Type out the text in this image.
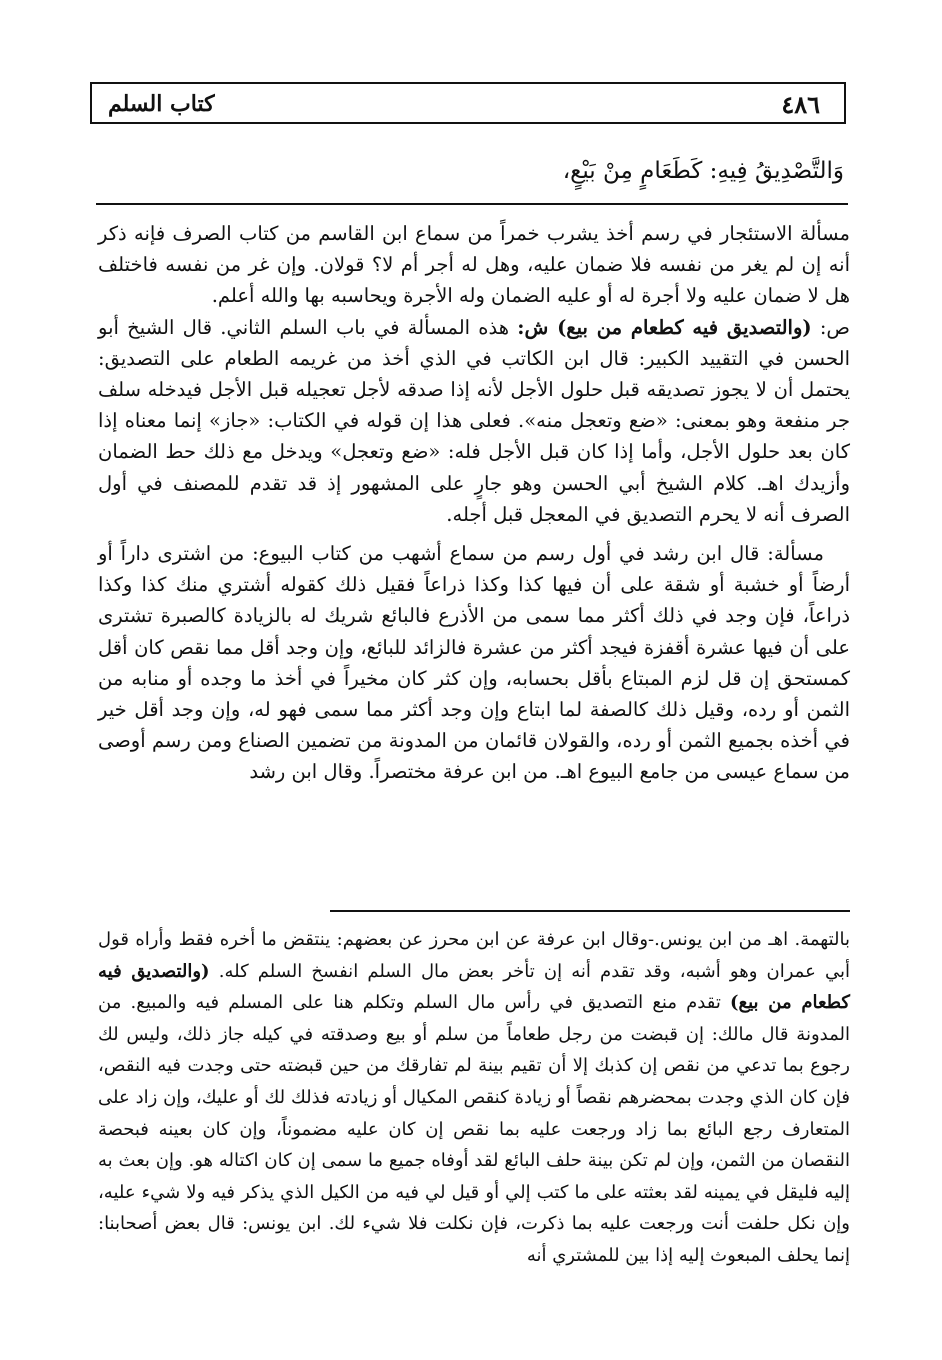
٤٨٦
كتاب السلم
وَالتَّصْدِيقُ فِيهِ: كَطَعَامٍ مِنْ بَيْعٍ،

مسألة الاستئجار في رسم أخذ يشرب خمراً من سماع ابن القاسم من كتاب الصرف فإنه ذكر أنه إن لم يغر من نفسه فلا ضمان عليه، وهل له أجر أم لا؟ قولان. وإن غر من نفسه فاختلف هل لا ضمان عليه ولا أجرة له أو عليه الضمان وله الأجرة ويحاسبه بها والله أعلم.

ص: (والتصديق فيه كطعام من بيع) ش: هذه المسألة في باب السلم الثاني. قال الشيخ أبو الحسن في التقييد الكبير: قال ابن الكاتب في الذي أخذ من غريمه الطعام على التصديق: يحتمل أن لا يجوز تصديقه قبل حلول الأجل لأنه إذا صدقه لأجل تعجيله قبل الأجل فيدخله سلف جر منفعة وهو بمعنى: «ضع وتعجل منه». فعلى هذا إن قوله في الكتاب: «جاز» إنما معناه إذا كان بعد حلول الأجل، وأما إذا كان قبل الأجل فله: «ضع وتعجل» ويدخل مع ذلك حط الضمان وأزيدك اهـ. كلام الشيخ أبي الحسن وهو جارٍ على المشهور إذ قد تقدم للمصنف في أول الصرف أنه لا يحرم التصديق في المعجل قبل أجله.

مسألة: قال ابن رشد في أول رسم من سماع أشهب من كتاب البيوع: من اشترى داراً أو أرضاً أو خشبة أو شقة على أن فيها كذا وكذا ذراعاً فقيل ذلك كقوله أشتري منك كذا وكذا ذراعاً، فإن وجد في ذلك أكثر مما سمى من الأذرع فالبائع شريك له بالزيادة كالصبرة تشترى على أن فيها عشرة أقفزة فيجد أكثر من عشرة فالزائد للبائع، وإن وجد أقل مما نقص كان أقل كمستحق إن قل لزم المبتاع بأقل بحسابه، وإن كثر كان مخيراً في أخذ ما وجده أو منابه من الثمن أو رده، وقيل ذلك كالصفة لما ابتاع وإن وجد أكثر مما سمى فهو له، وإن وجد أقل خير في أخذه بجميع الثمن أو رده، والقولان قائمان من المدونة من تضمين الصناع ومن رسم أوصى من سماع عيسى من جامع البيوع اهـ. من ابن عرفة مختصراً. وقال ابن رشد

بالتهمة. اهـ من ابن يونس.-وقال ابن عرفة عن ابن محرز عن بعضهم: ينتقض ما أخره فقط وأراه قول أبي عمران وهو أشبه، وقد تقدم أنه إن تأخر بعض مال السلم انفسخ السلم كله. (والتصديق فيه كطعام من بيع) تقدم منع التصديق في رأس مال السلم وتكلم هنا على المسلم فيه والمبيع. من المدونة قال مالك: إن قبضت من رجل طعاماً من سلم أو بيع وصدقته في كيله جاز ذلك، وليس لك رجوع بما تدعي من نقص إن كذبك إلا أن تقيم بينة لم تفارقك من حين قبضته حتى وجدت فيه النقص، فإن كان الذي وجدت بمحضرهم نقصاً أو زيادة كنقص المكيال أو زيادته فذلك لك أو عليك، وإن زاد على المتعارف رجع البائع بما زاد ورجعت عليه بما نقص إن كان عليه مضموناً، وإن كان بعينه فبحصة النقصان من الثمن، وإن لم تكن بينة حلف البائع لقد أوفاه جميع ما سمى إن كان اكتاله هو. وإن بعث به إليه فليقل في يمينه لقد بعثته على ما كتب إلي أو قيل لي فيه من الكيل الذي يذكر فيه ولا شيء عليه، وإن نكل حلفت أنت ورجعت عليه بما ذكرت، فإن نكلت فلا شيء لك. ابن يونس: قال بعض أصحابنا: إنما يحلف المبعوث إليه إذا بين للمشتري أنه
